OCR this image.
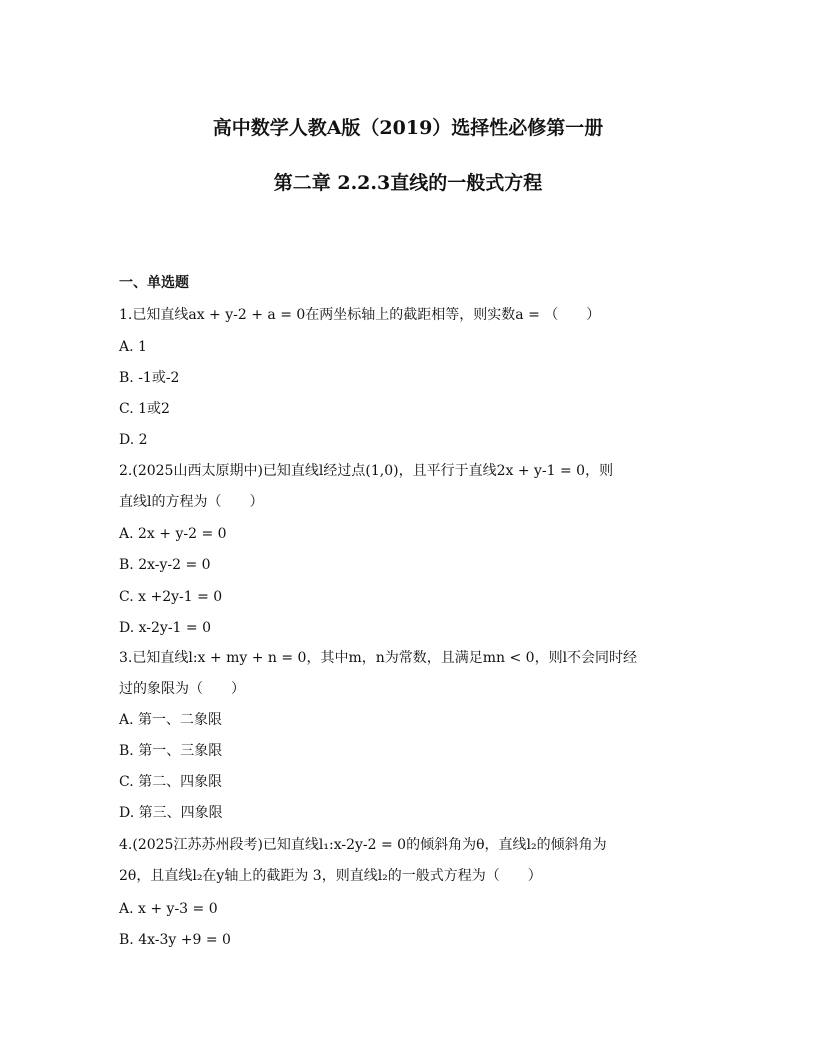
高中数学人教A版（2019）选择性必修第一册
第二章 2.2.3直线的一般式方程
一、单选题
1.已知直线ax + y-2 + a = 0在两坐标轴上的截距相等，则实数a = （　　）
A. 1
B. -1或-2
C. 1或2
D. 2
2.(2025山西太原期中)已知直线l经过点(1,0)，且平行于直线2x + y-1 = 0，则
直线l的方程为（　　）
A. 2x + y-2 = 0
B. 2x-y-2 = 0
C. x +2y-1 = 0
D. x-2y-1 = 0
3.已知直线l:x + my + n = 0，其中m，n为常数，且满足mn < 0，则l不会同时经
过的象限为（　　）
A. 第一、二象限
B. 第一、三象限
C. 第二、四象限
D. 第三、四象限
4.(2025江苏苏州段考)已知直线l₁:x-2y-2 = 0的倾斜角为θ，直线l₂的倾斜角为
2θ，且直线l₂在y轴上的截距为 3，则直线l₂的一般式方程为（　　）
A. x + y-3 = 0
B. 4x-3y +9 = 0
